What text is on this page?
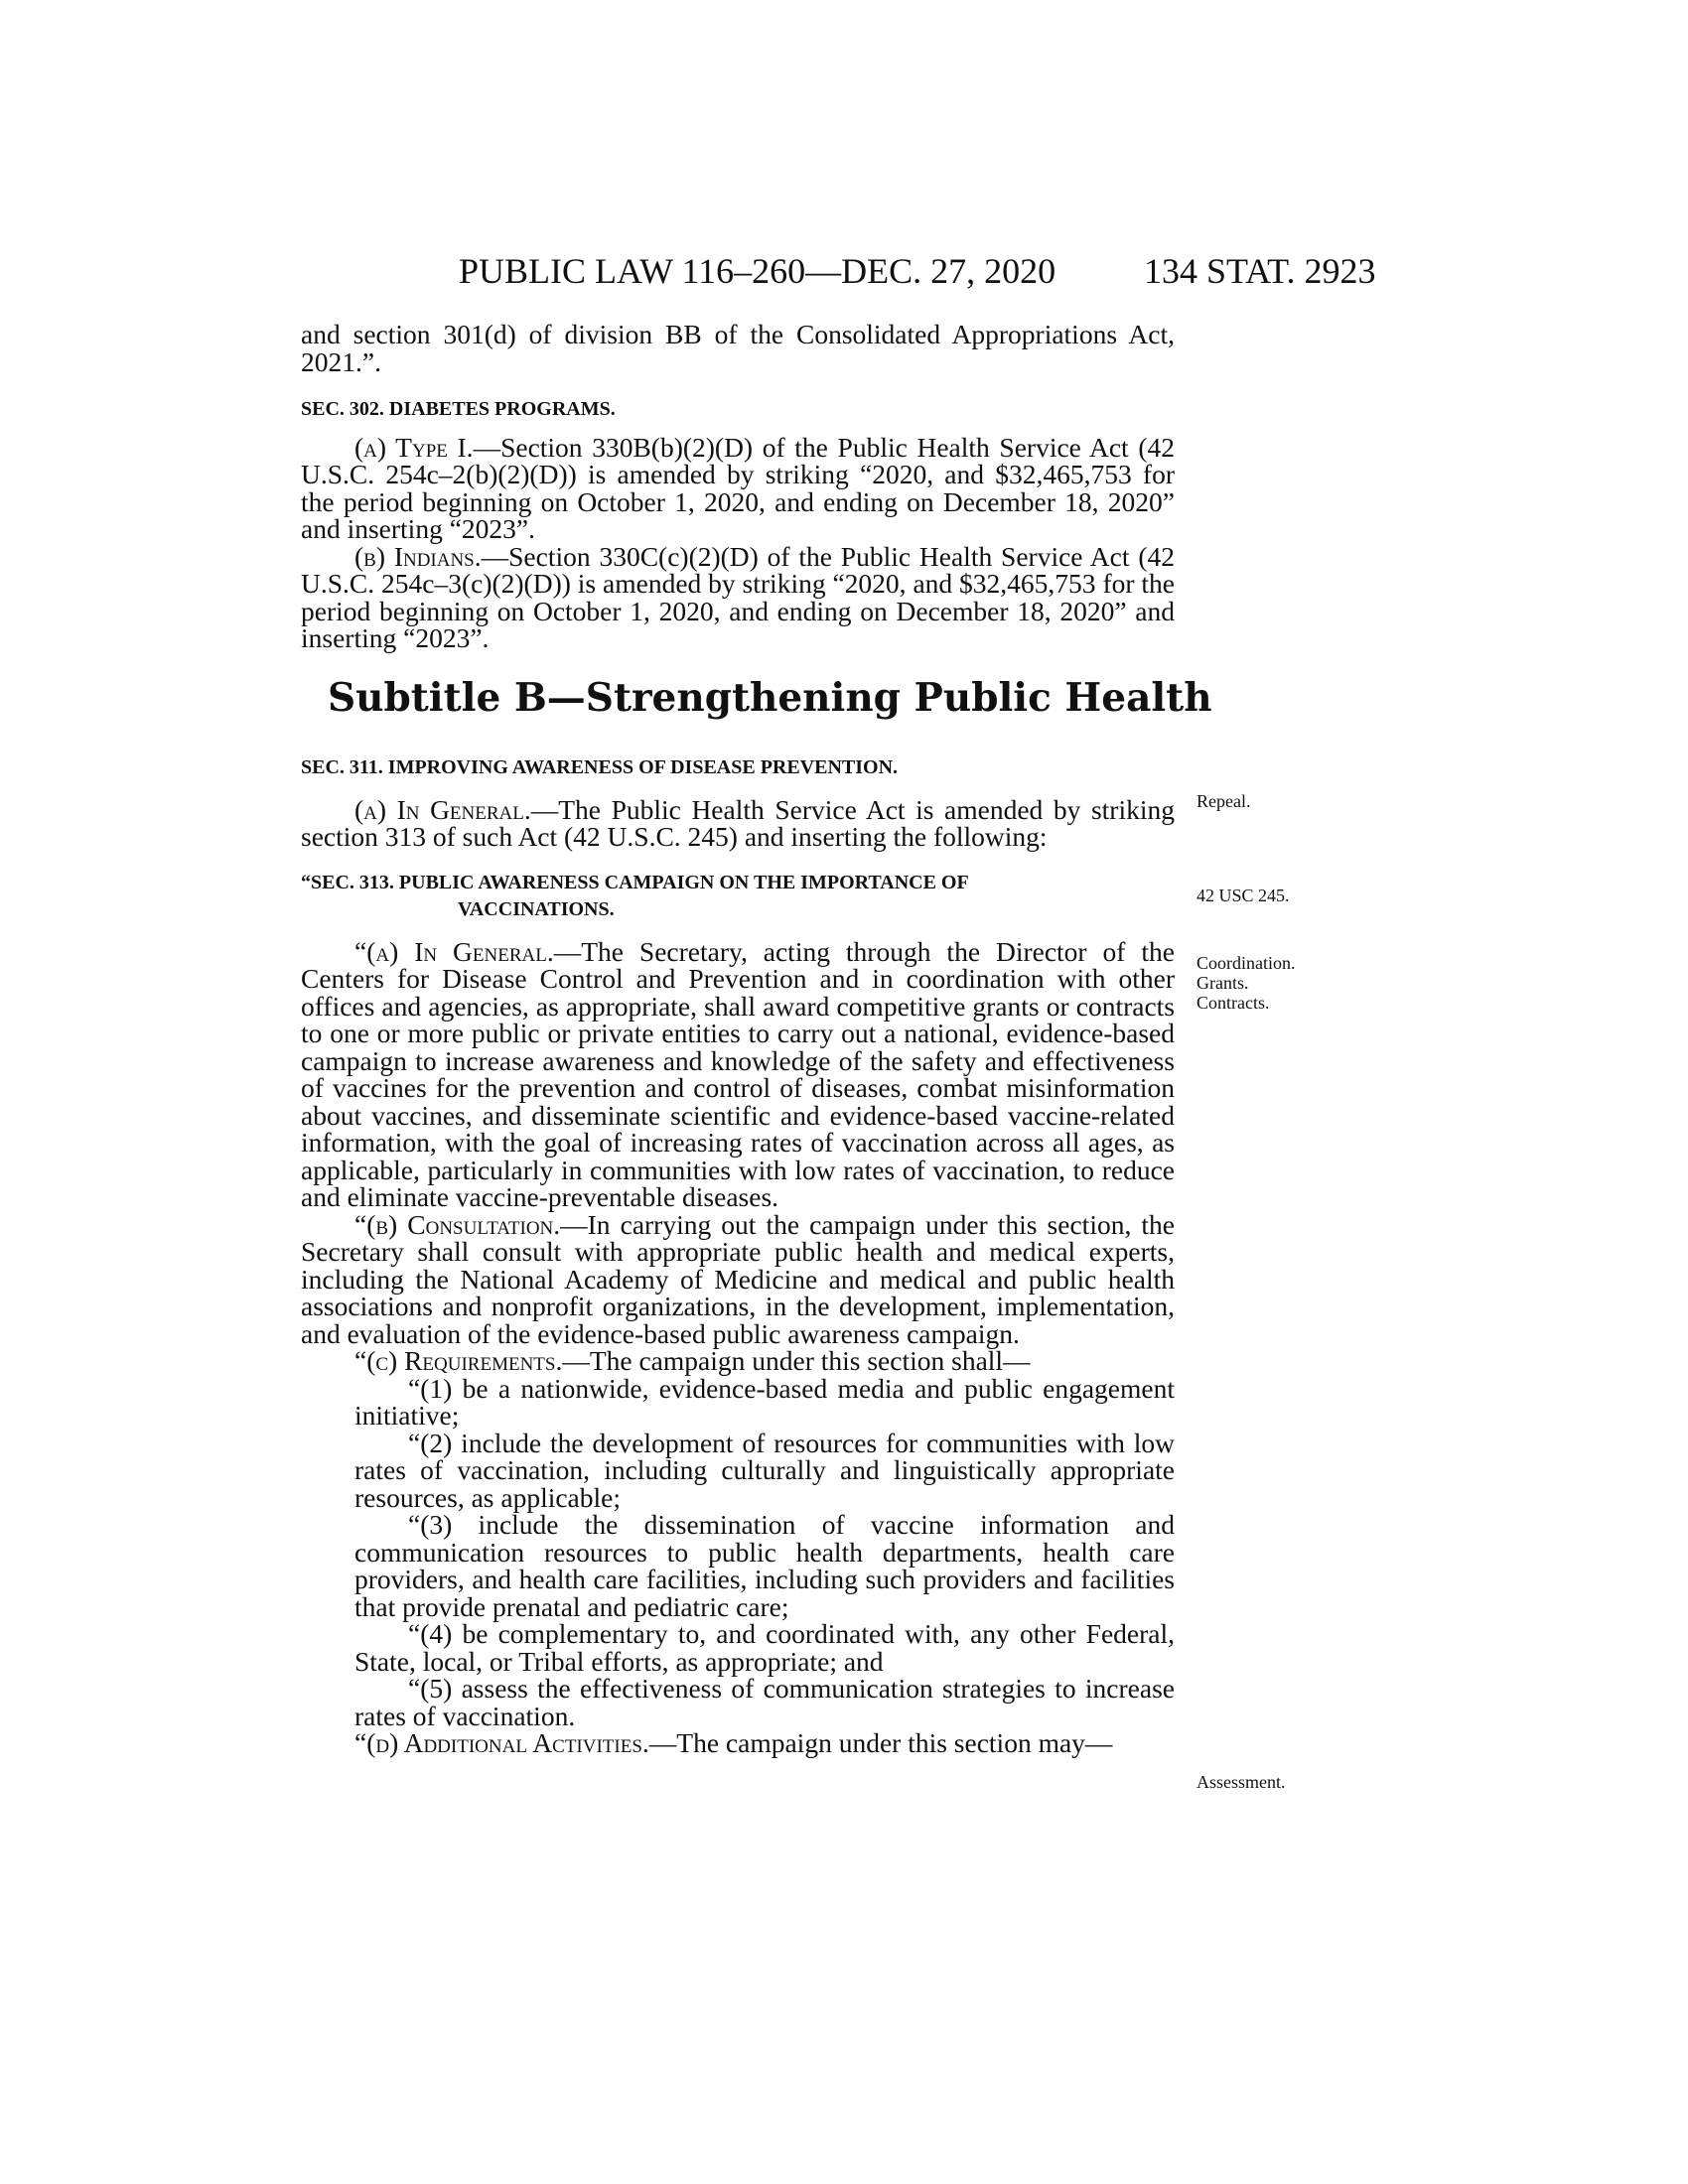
PUBLIC LAW 116–260—DEC. 27, 2020 134 STAT. 2923

and section 301(d) of division BB of the Consolidated Appropriations Act, 2021.”.

SEC. 302. DIABETES PROGRAMS.

(a) Type I.—Section 330B(b)(2)(D) of the Public Health Service Act (42 U.S.C. 254c–2(b)(2)(D)) is amended by striking “2020, and $32,465,753 for the period beginning on October 1, 2020, and ending on December 18, 2020” and inserting “2023”.

(b) Indians.—Section 330C(c)(2)(D) of the Public Health Service Act (42 U.S.C. 254c–3(c)(2)(D)) is amended by striking “2020, and $32,465,753 for the period beginning on October 1, 2020, and ending on December 18, 2020” and inserting “2023”.

Subtitle B—Strengthening Public Health

SEC. 311. IMPROVING AWARENESS OF DISEASE PREVENTION.

(a) In General.—The Public Health Service Act is amended by striking section 313 of such Act (42 U.S.C. 245) and inserting the following:

“SEC. 313. PUBLIC AWARENESS CAMPAIGN ON THE IMPORTANCE OF
VACCINATIONS.

“(a) In General.—The Secretary, acting through the Director of the Centers for Disease Control and Prevention and in coordination with other offices and agencies, as appropriate, shall award competitive grants or contracts to one or more public or private entities to carry out a national, evidence-based campaign to increase awareness and knowledge of the safety and effectiveness of vaccines for the prevention and control of diseases, combat misinformation about vaccines, and disseminate scientific and evidence-based vaccine-related information, with the goal of increasing rates of vaccination across all ages, as applicable, particularly in communities with low rates of vaccination, to reduce and eliminate vaccine-preventable diseases.

“(b) Consultation.—In carrying out the campaign under this section, the Secretary shall consult with appropriate public health and medical experts, including the National Academy of Medicine and medical and public health associations and nonprofit organizations, in the development, implementation, and evaluation of the evidence-based public awareness campaign.

“(c) Requirements.—The campaign under this section shall—

“(1) be a nationwide, evidence-based media and public engagement initiative;

“(2) include the development of resources for communities with low rates of vaccination, including culturally and linguistically appropriate resources, as applicable;

“(3) include the dissemination of vaccine information and communication resources to public health departments, health care providers, and health care facilities, including such providers and facilities that provide prenatal and pediatric care;

“(4) be complementary to, and coordinated with, any other Federal, State, local, or Tribal efforts, as appropriate; and

“(5) assess the effectiveness of communication strategies to increase rates of vaccination.

“(d) Additional Activities.—The campaign under this section may—

Repeal.
42 USC 245.
Coordination.
Grants.
Contracts.
Assessment.
